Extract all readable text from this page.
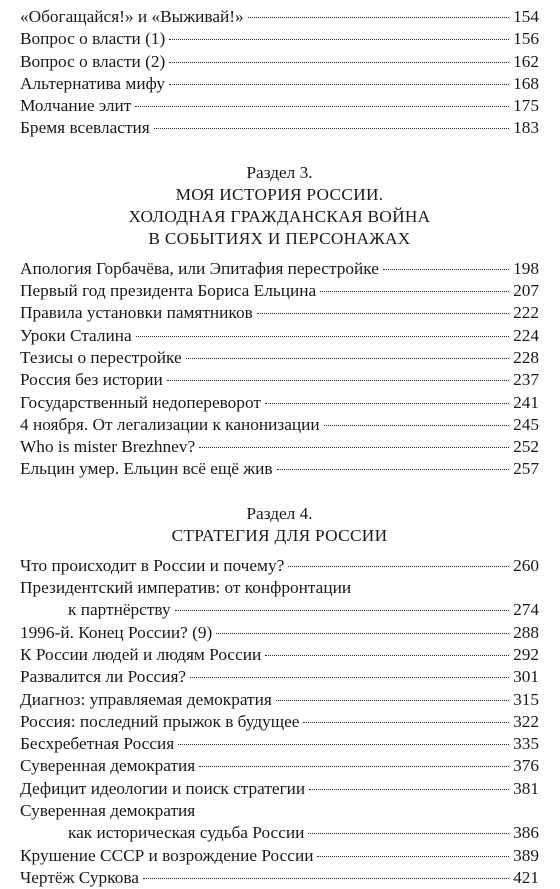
«Обогащайся!» и «Выживай!»	154
Вопрос о власти (1)	156
Вопрос о власти (2)	162
Альтернатива мифу	168
Молчание элит	175
Бремя всевластия	183
Раздел 3.
МОЯ ИСТОРИЯ РОССИИ.
ХОЛОДНАЯ ГРАЖДАНСКАЯ ВОЙНА
В СОБЫТИЯХ И ПЕРСОНАЖАХ
Апология Горбачёва, или Эпитафия перестройке	198
Первый год президента Бориса Ельцина	207
Правила установки памятников	222
Уроки Сталина	224
Тезисы о перестройке	228
Россия без истории	237
Государственный недопереворот	241
4 ноября. От легализации к канонизации	245
Who is mister Brezhnev?	252
Ельцин умер. Ельцин всё ещё жив	257
Раздел 4.
СТРАТЕГИЯ ДЛЯ РОССИИ
Что происходит в России и почему?	260
Президентский императив: от конфронтации
к партнёрству	274
1996-й. Конец России? (9)	288
К России людей и людям России	292
Развалится ли Россия?	301
Диагноз: управляемая демократия	315
Россия: последний прыжок в будущее	322
Бесхребетная Россия	335
Суверенная демократия	376
Дефицит идеологии и поиск стратегии	381
Суверенная демократия
как историческая судьба России	386
Крушение СССР и возрождение России	389
Чертёж Суркова	421
